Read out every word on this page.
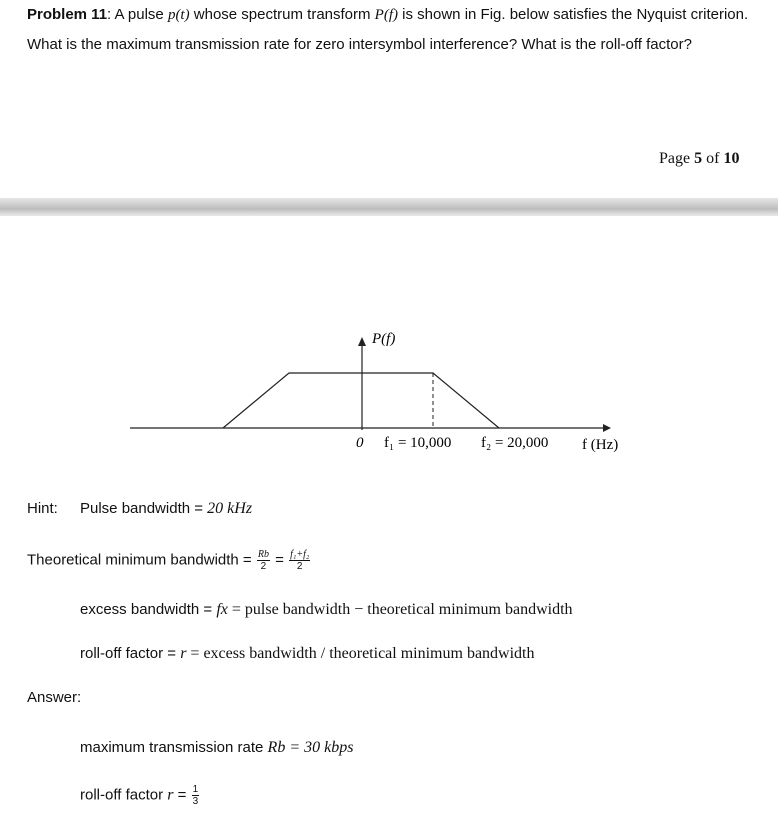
Problem 11: A pulse p(t) whose spectrum transform P(f) is shown in Fig. below satisfies the Nyquist criterion.
What is the maximum transmission rate for zero intersymbol interference? What is the roll-off factor?
Page 5 of 10
P(f)
0 f₁ = 10,000 f₂ = 20,000 f (Hz)
Hint: Pulse bandwidth = 20 kHz
Theoretical minimum bandwidth = $\frac{Rb}{2} = \frac{\text{f₁+f₂}}{2}$
excess bandwidth = fx = pulse bandwidth − theoretical minimum bandwidth
roll-off factor = r = excess bandwidth / theoretical minimum bandwidth
Answer:
maximum transmission rate Rb = 30 kbps
roll-off factor $r = \frac{1}{3}$
